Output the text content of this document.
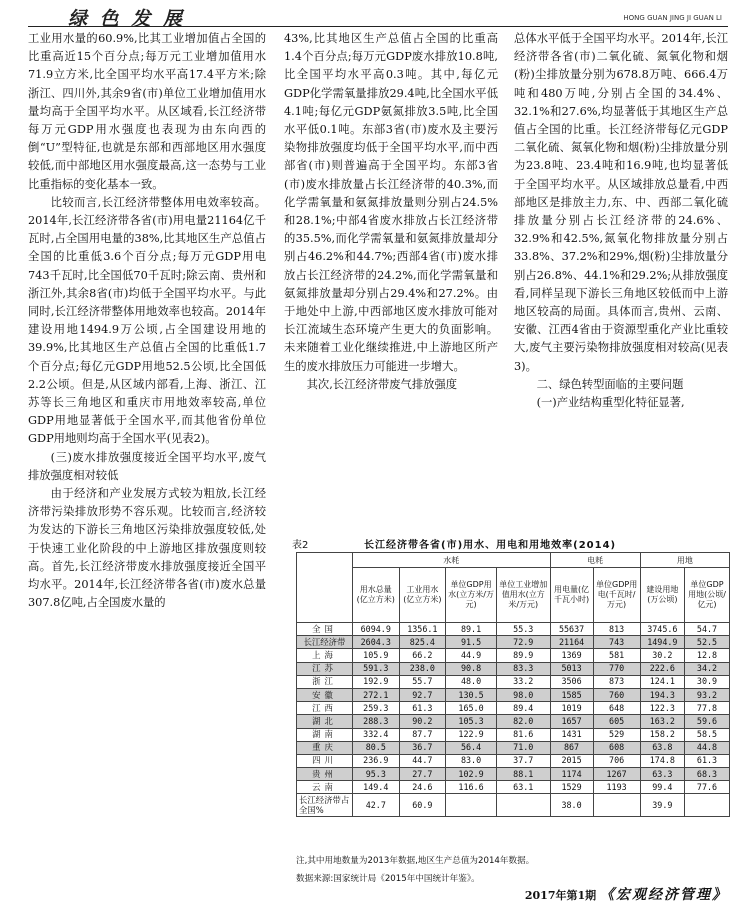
绿 色 发 展	HONG GUAN JING JI GUAN LI

工业用水量的60.9%,比其工业增加值占全国的比重高近15个百分点;每万元工业增加值用水71.9立方米,比全国平均水平高17.4平方米;除浙江、四川外,其余9省(市)单位工业增加值用水量均高于全国平均水平。从区域看,长江经济带每万元GDP用水强度也表现为由东向西的倒“U”型特征,也就是东部和西部地区用水强度较低,而中部地区用水强度最高,这一态势与工业比重指标的变化基本一致。

比较而言,长江经济带整体用电效率较高。2014年,长江经济带各省(市)用电量21164亿千瓦时,占全国用电量的38%,比其地区生产总值占全国的比重低3.6个百分点;每万元GDP用电743千瓦时,比全国低70千瓦时;除云南、贵州和浙江外,其余8省(市)均低于全国平均水平。与此同时,长江经济带整体用地效率也较高。2014年建设用地1494.9万公顷,占全国建设用地的39.9%,比其地区生产总值占全国的比重低1.7个百分点;每亿元GDP用地52.5公顷,比全国低2.2公顷。但是,从区域内部看,上海、浙江、江苏等长三角地区和重庆市用地效率较高,单位GDP用地显著低于全国水平,而其他省份单位GDP用地则均高于全国水平(见表2)。

(三)废水排放强度接近全国平均水平,废气排放强度相对较低

由于经济和产业发展方式较为粗放,长江经济带污染排放形势不容乐观。比较而言,经济较为发达的下游长三角地区污染排放强度较低,处于快速工业化阶段的中上游地区排放强度则较高。首先,长江经济带废水排放强度接近全国平均水平。2014年,长江经济带各省(市)废水总量307.8亿吨,占全国废水量的

43%,比其地区生产总值占全国的比重高1.4个百分点;每万元GDP废水排放10.8吨,比全国平均水平高0.3吨。其中,每亿元GDP化学需氧量排放29.4吨,比全国水平低4.1吨;每亿元GDP氨氮排放3.5吨,比全国水平低0.1吨。东部3省(市)废水及主要污染物排放强度均低于全国平均水平,而中西部省(市)则普遍高于全国平均。东部3省(市)废水排放量占长江经济带的40.3%,而化学需氧量和氨氮排放量则分别占24.5%和28.1%;中部4省废水排放占长江经济带的35.5%,而化学需氧量和氨氮排放量却分别占46.2%和44.7%;西部4省(市)废水排放占长江经济带的24.2%,而化学需氧量和氨氮排放量却分别占29.4%和27.2%。由于地处中上游,中西部地区废水排放可能对长江流域生态环境产生更大的负面影响。未来随着工业化继续推进,中上游地区所产生的废水排放压力可能进一步增大。

其次,长江经济带废气排放强度

总体水平低于全国平均水平。2014年,长江经济带各省(市)二氧化硫、氮氧化物和烟(粉)尘排放量分别为678.8万吨、666.4万吨和480万吨,分别占全国的34.4%、32.1%和27.6%,均显著低于其地区生产总值占全国的比重。长江经济带每亿元GDP二氧化硫、氮氧化物和烟(粉)尘排放量分别为23.8吨、23.4吨和16.9吨,也均显著低于全国平均水平。从区域排放总量看,中西部地区是排放主力,东、中、西部二氧化硫排放量分别占长江经济带的24.6%、32.9%和42.5%,氮氧化物排放量分别占33.8%、37.2%和29%,烟(粉)尘排放量分别占26.8%、44.1%和29.2%;从排放强度看,同样呈现下游长三角地区较低而中上游地区较高的局面。具体而言,贵州、云南、安徽、江西4省由于资源型重化产业比重较大,废气主要污染物排放强度相对较高(见表3)。

二、绿色转型面临的主要问题

(一)产业结构重型化特征显著,

表2	长江经济带各省(市)用水、用电和用地效率(2014)
	水耗				电耗		用地	
	用水总量(亿立方米)	工业用水(亿立方米)	单位GDP用水(立方米/万元)	单位工业增加值用水(立方米/万元)	用电量(亿千瓦小时)	单位GDP用电(千瓦时/万元)	建设用地(万公顷)	单位GDP用地(公顷/亿元)
全国	6094.9	1356.1	89.1	55.3	55637	813	3745.6	54.7
长江经济带	2604.3	825.4	91.5	72.9	21164	743	1494.9	52.5
上海	105.9	66.2	44.9	89.9	1369	581	30.2	12.8
江苏	591.3	238.0	90.8	83.3	5013	770	222.6	34.2
浙江	192.9	55.7	48.0	33.2	3506	873	124.1	30.9
安徽	272.1	92.7	130.5	98.0	1585	760	194.3	93.2
江西	259.3	61.3	165.0	89.4	1019	648	122.3	77.8
湖北	288.3	90.2	105.3	82.0	1657	605	163.2	59.6
湖南	332.4	87.7	122.9	81.6	1431	529	158.2	58.5
重庆	80.5	36.7	56.4	71.0	867	608	63.8	44.8
四川	236.9	44.7	83.0	37.7	2015	706	174.8	61.3
贵州	95.3	27.7	102.9	88.1	1174	1267	63.3	68.3
云南	149.4	24.6	116.6	63.1	1529	1193	99.4	77.6
长江经济带占全国%	42.7	60.9			38.0		39.9	
注,其中用地数量为2013年数据,地区生产总值为2014年数据。
数据来源:国家统计局《2015年中国统计年鉴》。
2017年第1期 《宏观经济管理》
